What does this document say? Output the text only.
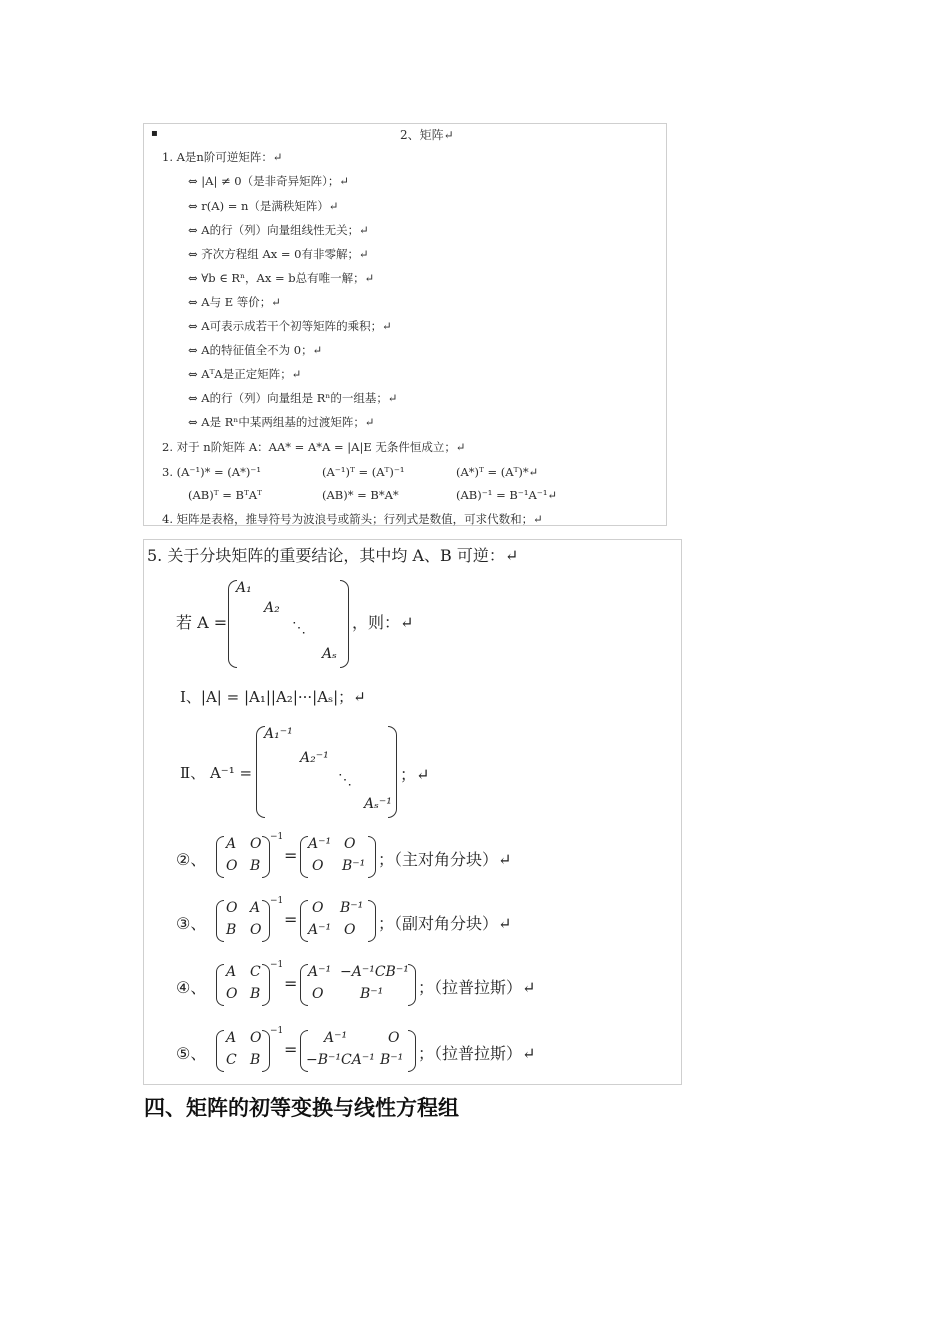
▪	2、矩阵↵
1. A是n阶可逆矩阵：↵
⇔ |A| ≠ 0（是非奇异矩阵）；↵
⇔ r(A) = n（是满秩矩阵）↵
⇔ A的行（列）向量组线性无关；↵
⇔ 齐次方程组 Ax = 0有非零解；↵
⇔ ∀b ∈ Rⁿ，Ax = b总有唯一解；↵
⇔ A与 E 等价；↵
⇔ A可表示成若干个初等矩阵的乘积；↵
⇔ A的特征值全不为 0；↵
⇔ AᵀA是正定矩阵；↵
⇔ A的行（列）向量组是 Rⁿ的一组基；↵
⇔ A是 Rⁿ中某两组基的过渡矩阵；↵
2. 对于 n阶矩阵 A：AA* = A*A = |A|E 无条件恒成立；↵
3. (A⁻¹)* = (A*)⁻¹	(A⁻¹)ᵀ = (Aᵀ)⁻¹	(A*)ᵀ = (Aᵀ)*↵
(AB)ᵀ = BᵀAᵀ	(AB)* = B*A*	(AB)⁻¹ = B⁻¹A⁻¹↵
4. 矩阵是表格，推导符号为波浪号或箭头；行列式是数值，可求代数和；↵
5. 关于分块矩阵的重要结论，其中均 A、B 可逆：↵
若 A =
A₁
A₂
⋱
Aₛ
，则：↵
Ⅰ、|A| = |A₁||A₂|···|Aₛ|；↵
Ⅱ、 A⁻¹ =
A₁⁻¹
A₂⁻¹
⋱
Aₛ⁻¹
；↵
②、
A O
O B
−1
=
A⁻¹ O
O B⁻¹ ；（主对角分块）↵
③、
O A
B O
−1
=
O B⁻¹
A⁻¹ O ；（副对角分块）↵
④、
A C
O B
−1
=
A⁻¹ −A⁻¹CB⁻¹
O	B⁻¹ ；（拉普拉斯）↵
⑤、
A O
C B
−1
=
A⁻¹	O
−B⁻¹CA⁻¹ B⁻¹ ；（拉普拉斯）↵
四、矩阵的初等变换与线性方程组
